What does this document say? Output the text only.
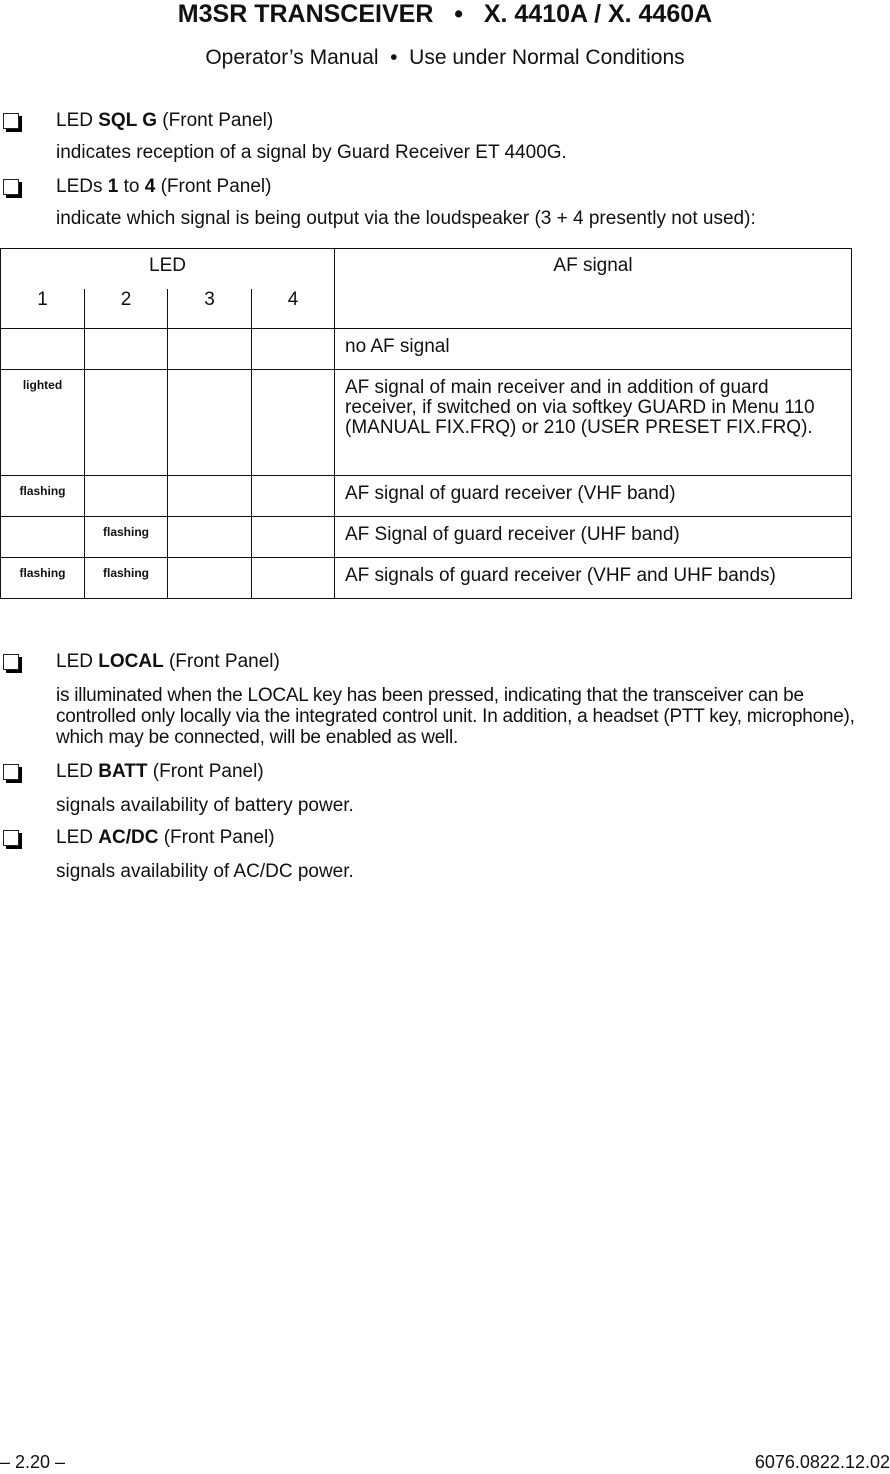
M3SR TRANSCEIVER   •   X. 4410A / X. 4460A
Operator’s Manual  •  Use under Normal Conditions
LED SQL G (Front Panel)
indicates reception of a signal by Guard Receiver ET 4400G.
LEDs 1 to 4 (Front Panel)
indicate which signal is being output via the loudspeaker (3 + 4 presently not used):
LED				AF signal
1	2	3	4	
				no AF signal
lighted				AF signal of main receiver and in addition of guard receiver, if switched on via softkey GUARD in Menu 110 (MANUAL FIX.FRQ) or 210 (USER PRESET FIX.FRQ).
flashing				AF signal of guard receiver (VHF band)
	flashing			AF Signal of guard receiver (UHF band)
flashing	flashing			AF signals of guard receiver (VHF and UHF bands)
LED LOCAL (Front Panel)
is illuminated when the LOCAL key has been pressed, indicating that the transceiver can be controlled only locally via the integrated control unit. In addition, a headset (PTT key, microphone), which may be connected, will be enabled as well.
LED BATT (Front Panel)
signals availability of battery power.
LED AC/DC (Front Panel)
signals availability of AC/DC power.
– 2.20 –	6076.0822.12.02
